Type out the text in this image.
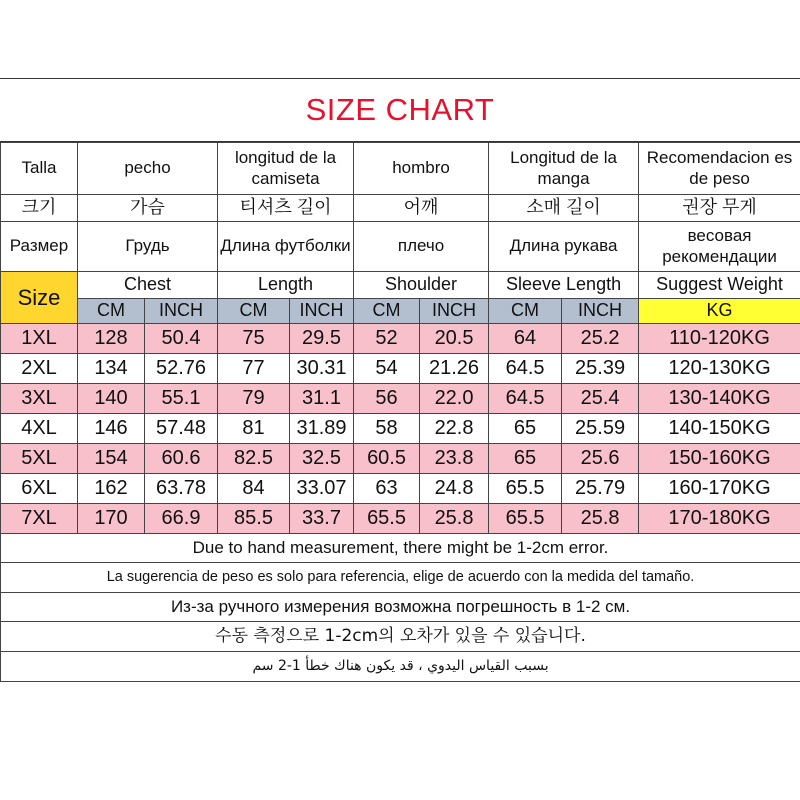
SIZE CHART
Talla	pecho		longitud de la camiseta		hombro		Longitud de la manga		Recomendacion es de peso
크기	가슴		티셔츠 길이		어깨		소매 길이		권장 무게
Размер	Грудь		Длина футболки		плечо		Длина рукава		весовая рекомендации
Size	Chest		Length		Shoulder		Sleeve Length		Suggest Weight
	CM	INCH	CM	INCH	CM	INCH	CM	INCH	KG
1XL	128	50.4	75	29.5	52	20.5	64	25.2	110-120KG
2XL	134	52.76	77	30.31	54	21.26	64.5	25.39	120-130KG
3XL	140	55.1	79	31.1	56	22.0	64.5	25.4	130-140KG
4XL	146	57.48	81	31.89	58	22.8	65	25.59	140-150KG
5XL	154	60.6	82.5	32.5	60.5	23.8	65	25.6	150-160KG
6XL	162	63.78	84	33.07	63	24.8	65.5	25.79	160-170KG
7XL	170	66.9	85.5	33.7	65.5	25.8	65.5	25.8	170-180KG
Due to hand measurement, there might be 1-2cm error.									
La sugerencia de peso es solo para referencia, elige de acuerdo con la medida del tamaño.									
Из-за ручного измерения возможна погрешность в 1-2 см.									
수동 측정으로 1-2cm의 오차가 있을 수 있습니다.									
بسبب القياس اليدوي ، قد يكون هناك خطأ 1-2 سم									
